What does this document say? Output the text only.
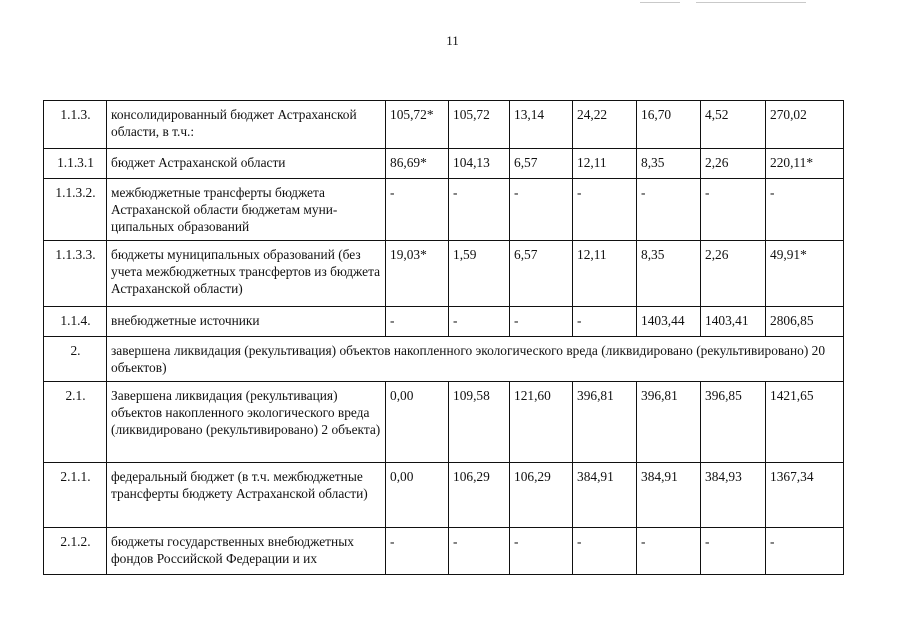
11
1.1.3.	консолидированный бюджет Астраханской области, в т.ч.:	105,72*	105,72	13,14	24,22	16,70	4,52	270,02
1.1.3.1	бюджет Астраханской области	86,69*	104,13	6,57	12,11	8,35	2,26	220,11*
1.1.3.2.	межбюджетные трансферты бюджета Астраханской области бюджетам муниципальных образований	-	-	-	-	-	-	-
1.1.3.3.	бюджеты муниципальных образований (без учета межбюджетных трансфертов из бюджета Астраханской области)	19,03*	1,59	6,57	12,11	8,35	2,26	49,91*
1.1.4.	внебюджетные источники	-	-	-	-	1403,44	1403,41	2806,85
2.	завершена ликвидация (рекультивация) объектов накопленного экологического вреда (ликвидировано (рекультивировано) 20 объектов)							
2.1.	Завершена ликвидация (рекультивация) объектов накопленного экологического вреда (ликвидировано (рекультивировано) 2 объекта)	0,00	109,58	121,60	396,81	396,81	396,85	1421,65
2.1.1.	федеральный бюджет (в т.ч. межбюджетные трансферты бюджету Астраханской области)	0,00	106,29	106,29	384,91	384,91	384,93	1367,34
2.1.2.	бюджеты государственных внебюджетных фондов Российской Федерации и их	-	-	-	-	-	-	-
